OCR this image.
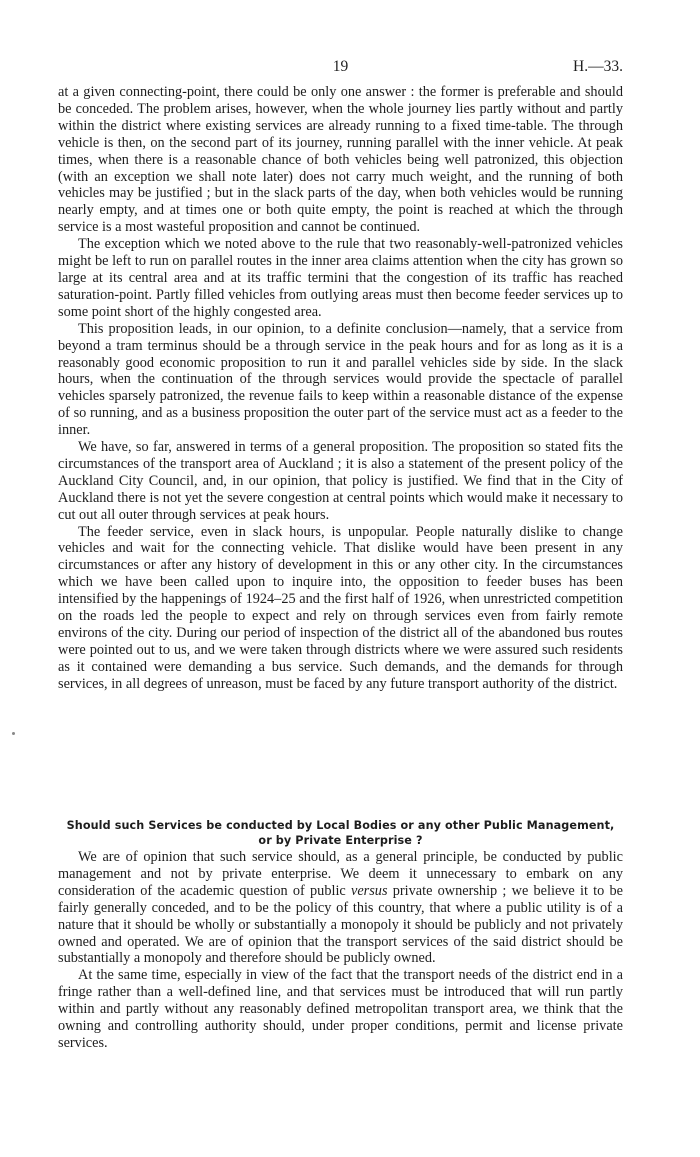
19	H.—33.

at a given connecting-point, there could be only one answer : the former is preferable and should be conceded. The problem arises, however, when the whole journey lies partly without and partly within the district where existing services are already running to a fixed time-table. The through vehicle is then, on the second part of its journey, running parallel with the inner vehicle. At peak times, when there is a reasonable chance of both vehicles being well patronized, this objection (with an exception we shall note later) does not carry much weight, and the running of both vehicles may be justified ; but in the slack parts of the day, when both vehicles would be running nearly empty, and at times one or both quite empty, the point is reached at which the through service is a most wasteful proposition and cannot be continued.

The exception which we noted above to the rule that two reasonably-well-patronized vehicles might be left to run on parallel routes in the inner area claims attention when the city has grown so large at its central area and at its traffic termini that the congestion of its traffic has reached saturation-point. Partly filled vehicles from outlying areas must then become feeder services up to some point short of the highly congested area.

This proposition leads, in our opinion, to a definite conclusion—namely, that a service from beyond a tram terminus should be a through service in the peak hours and for as long as it is a reasonably good economic proposition to run it and parallel vehicles side by side. In the slack hours, when the continuation of the through services would provide the spectacle of parallel vehicles sparsely patronized, the revenue fails to keep within a reasonable distance of the expense of so running, and as a business proposition the outer part of the service must act as a feeder to the inner.

We have, so far, answered in terms of a general proposition. The proposition so stated fits the circumstances of the transport area of Auckland ; it is also a statement of the present policy of the Auckland City Council, and, in our opinion, that policy is justified. We find that in the City of Auckland there is not yet the severe congestion at central points which would make it necessary to cut out all outer through services at peak hours.

The feeder service, even in slack hours, is unpopular. People naturally dislike to change vehicles and wait for the connecting vehicle. That dislike would have been present in any circumstances or after any history of development in this or any other city. In the circumstances which we have been called upon to inquire into, the opposition to feeder buses has been intensified by the happenings of 1924–25 and the first half of 1926, when unrestricted competition on the roads led the people to expect and rely on through services even from fairly remote environs of the city. During our period of inspection of the district all of the abandoned bus routes were pointed out to us, and we were taken through districts where we were assured such residents as it contained were demanding a bus service. Such demands, and the demands for through services, in all degrees of unreason, must be faced by any future transport authority of the district.

Should such Services be conducted by Local Bodies or any other Public Management, or by Private Enterprise ?

We are of opinion that such service should, as a general principle, be conducted by public management and not by private enterprise. We deem it unnecessary to embark on any consideration of the academic question of public versus private ownership ; we believe it to be fairly generally conceded, and to be the policy of this country, that where a public utility is of a nature that it should be wholly or substantially a monopoly it should be publicly and not privately owned and operated. We are of opinion that the transport services of the said district should be substantially a monopoly and therefore should be publicly owned.

At the same time, especially in view of the fact that the transport needs of the district end in a fringe rather than a well-defined line, and that services must be introduced that will run partly within and partly without any reasonably defined metropolitan transport area, we think that the owning and controlling authority should, under proper conditions, permit and license private services.
